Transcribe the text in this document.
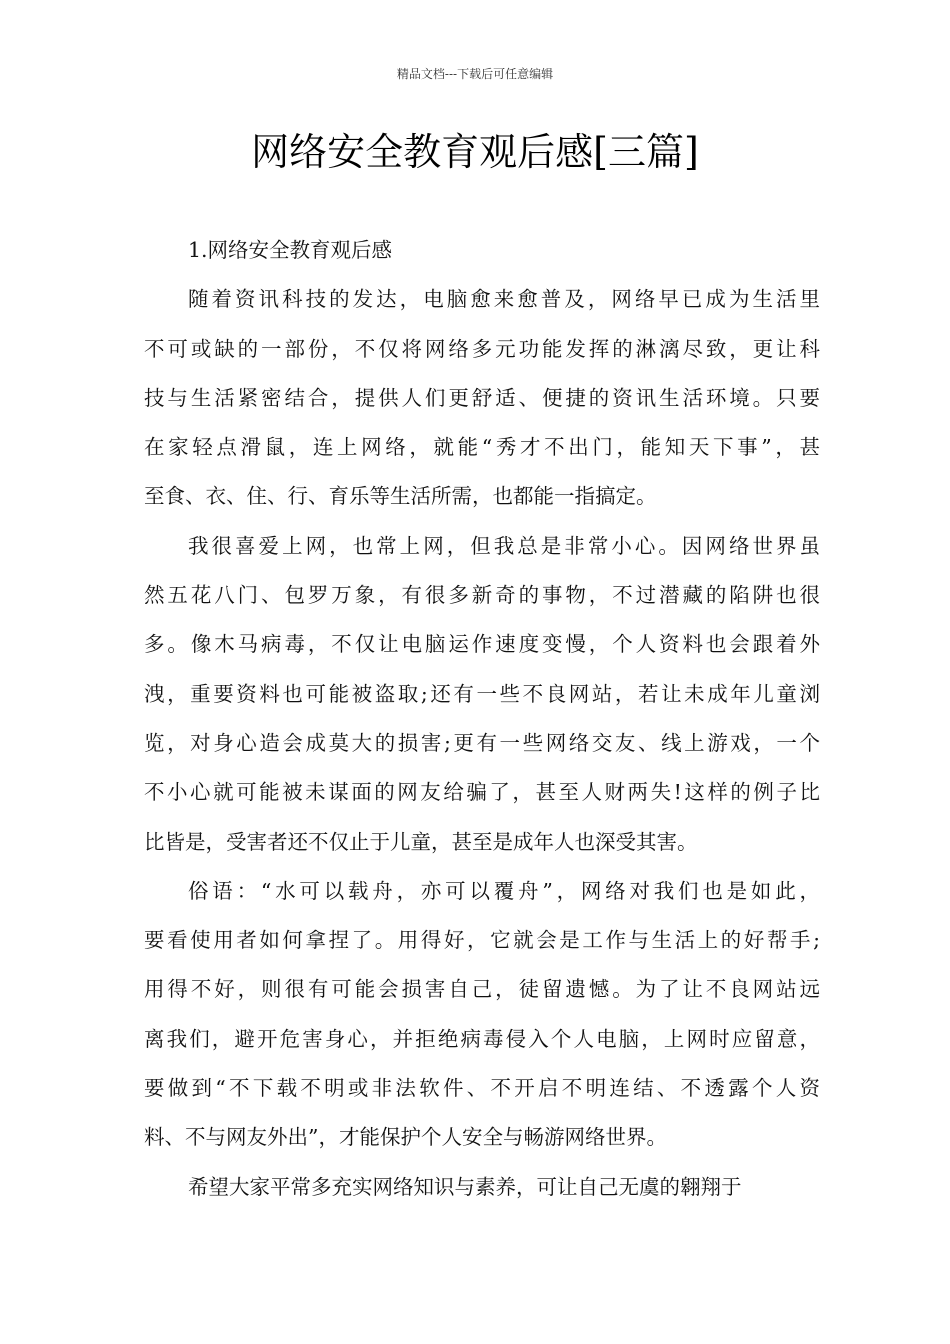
精品文档---下载后可任意编辑
网络安全教育观后感[三篇]

1.网络安全教育观后感

随着资讯科技的发达，电脑愈来愈普及，网络早已成为生活里
不可或缺的一部份，不仅将网络多元功能发挥的淋漓尽致，更让科
技与生活紧密结合，提供人们更舒适、便捷的资讯生活环境。只要
在家轻点滑鼠，连上网络，就能“秀才不出门，能知天下事”，甚
至食、衣、住、行、育乐等生活所需，也都能一指搞定。

我很喜爱上网，也常上网，但我总是非常小心。因网络世界虽
然五花八门、包罗万象，有很多新奇的事物，不过潜藏的陷阱也很
多。像木马病毒，不仅让电脑运作速度变慢，个人资料也会跟着外
洩，重要资料也可能被盗取;还有一些不良网站，若让未成年儿童浏
览，对身心造会成莫大的损害;更有一些网络交友、线上游戏，一个
不小心就可能被未谋面的网友给骗了，甚至人财两失!这样的例子比
比皆是，受害者还不仅止于儿童，甚至是成年人也深受其害。

俗语：“水可以载舟，亦可以覆舟”，网络对我们也是如此，
要看使用者如何拿捏了。用得好，它就会是工作与生活上的好帮手;
用得不好，则很有可能会损害自己，徒留遗憾。为了让不良网站远
离我们，避开危害身心，并拒绝病毒侵入个人电脑，上网时应留意，
要做到“不下载不明或非法软件、不开启不明连结、不透露个人资
料、不与网友外出”，才能保护个人安全与畅游网络世界。

希望大家平常多充实网络知识与素养，可让自己无虞的翱翔于
